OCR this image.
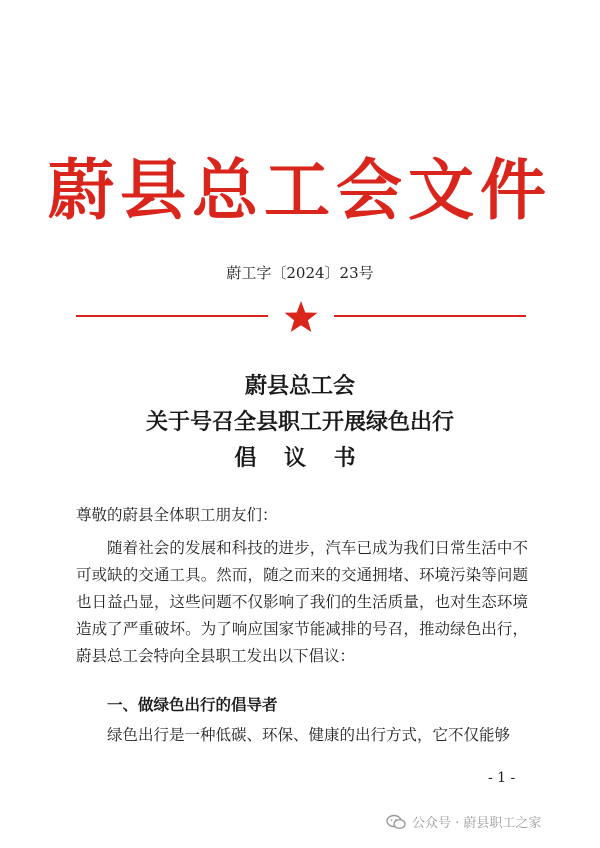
蔚县总工会文件
蔚工字〔2024〕23号
蔚县总工会
关于号召全县职工开展绿色出行
倡 议 书
尊敬的蔚县全体职工朋友们：
随着社会的发展和科技的进步，汽车已成为我们日常生活中不可或缺的交通工具。然而，随之而来的交通拥堵、环境污染等问题也日益凸显，这些问题不仅影响了我们的生活质量，也对生态环境造成了严重破坏。为了响应国家节能减排的号召，推动绿色出行，蔚县总工会特向全县职工发出以下倡议：
一、做绿色出行的倡导者
绿色出行是一种低碳、环保、健康的出行方式，它不仅能够
- 1 -
公众号 · 蔚县职工之家
